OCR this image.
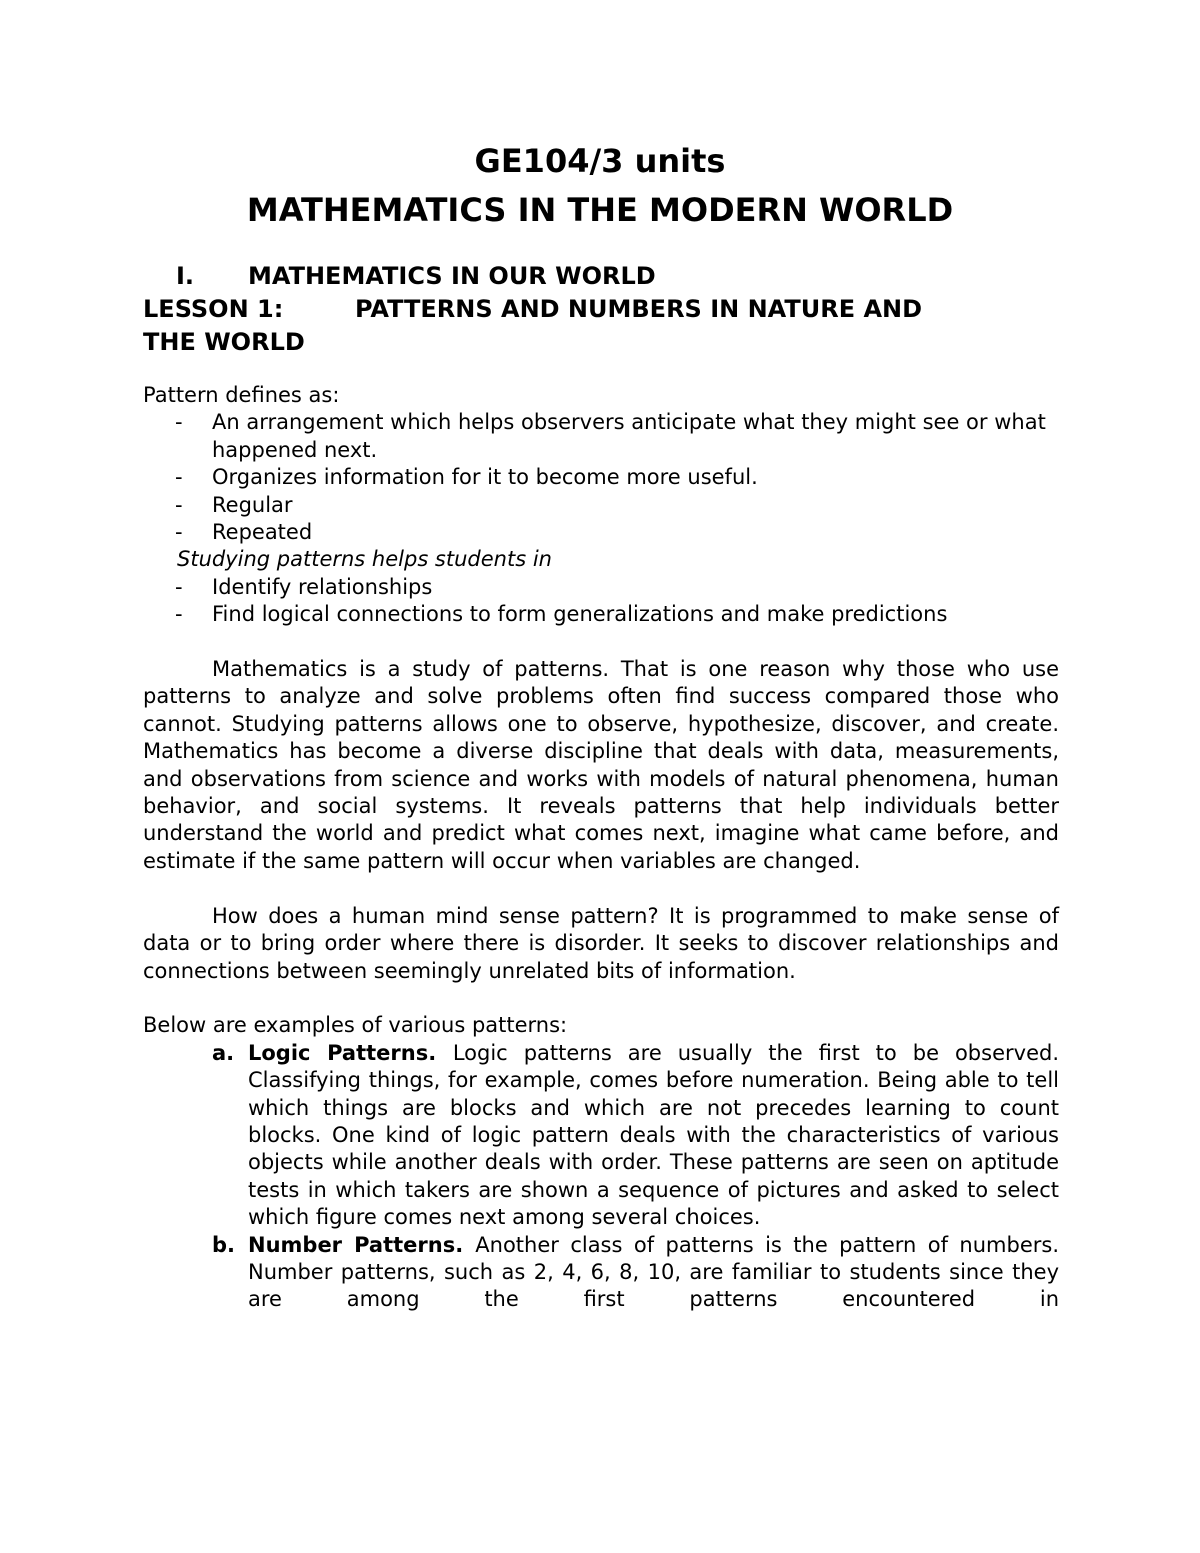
GE104/3 units
MATHEMATICS IN THE MODERN WORLD
I. MATHEMATICS IN OUR WORLD
LESSON 1:	PATTERNS AND NUMBERS IN NATURE AND
THE WORLD
Pattern defines as:
- An arrangement which helps observers anticipate what they might see or what happened next.
- Organizes information for it to become more useful.
- Regular
- Repeated
Studying patterns helps students in
- Identify relationships
- Find logical connections to form generalizations and make predictions

Mathematics is a study of patterns. That is one reason why those who use patterns to analyze and solve problems often find success compared those who cannot. Studying patterns allows one to observe, hypothesize, discover, and create. Mathematics has become a diverse discipline that deals with data, measurements, and observations from science and works with models of natural phenomena, human behavior, and social systems. It reveals patterns that help individuals better understand the world and predict what comes next, imagine what came before, and estimate if the same pattern will occur when variables are changed.

How does a human mind sense pattern? It is programmed to make sense of data or to bring order where there is disorder. It seeks to discover relationships and connections between seemingly unrelated bits of information.

Below are examples of various patterns:
a. Logic Patterns. Logic patterns are usually the first to be observed. Classifying things, for example, comes before numeration. Being able to tell which things are blocks and which are not precedes learning to count blocks. One kind of logic pattern deals with the characteristics of various objects while another deals with order. These patterns are seen on aptitude tests in which takers are shown a sequence of pictures and asked to select which figure comes next among several choices.
b. Number Patterns. Another class of patterns is the pattern of numbers. Number patterns, such as 2, 4, 6, 8, 10, are familiar to students since they are among the first patterns encountered in
